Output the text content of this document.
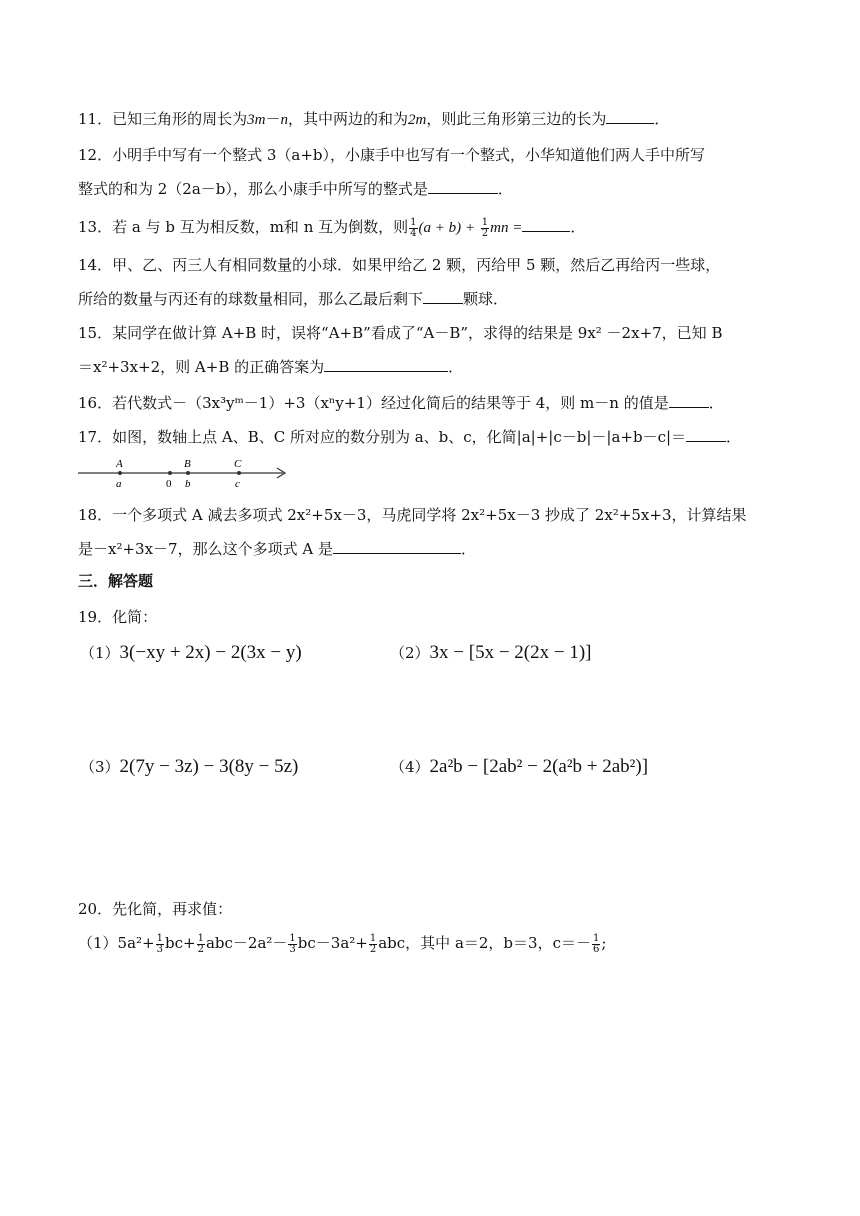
11．已知三角形的周长为3m－n，其中两边的和为2m，则此三角形第三边的长为	．
12．小明手中写有一个整式 3（a+b），小康手中也写有一个整式，小华知道他们两人手中所写
整式的和为 2（2a－b），那么小康手中所写的整式是	．
13．若 a 与 b 互为相反数，m和 n 互为倒数，则 $\frac{1}{4} (a + b) + \frac{1}{2}$ mn =	．
14．甲、乙、丙三人有相同数量的小球．如果甲给乙 2 颗，丙给甲 5 颗，然后乙再给丙一些球，
所给的数量与丙还有的球数量相同，那么乙最后剩下	颗球．
15．某同学在做计算 A+B 时，误将“A+B”看成了“A－B”，求得的结果是 9x² －2x+7，已知 B
＝x²+3x+2，则 A+B 的正确答案为	．
16．若代数式－（3x³yᵐ－1）+3（xⁿy+1）经过化简后的结果等于 4，则 m－n 的值是	．
17．如图，数轴上点 A、B、C 所对应的数分别为 a、b、c，化简|a|+|c－b|－|a+b－c|＝	．
A	B	C
a	0 b	c
18．一个多项式 A 减去多项式 2x²+5x－3，马虎同学将 2x²+5x－3 抄成了 2x²+5x+3，计算结果
是－x²+3x－7，那么这个多项式 A 是	．
三．解答题
19．化简：
（1）3(−xy + 2x) − 2(3x − y)	（2）3x − [5x − 2(2x − 1)]
（3）2(7y − 3z) − 3(8y − 5z)	（4）2a²b − [2ab² − 2(a²b + 2ab²)]
20．先化简，再求值：
$(1)5a^2+ \frac{1}{3} bc+ \frac{1}{2} abc-2a^2- \frac{1}{3} bc-3a^2+ \frac{1}{2}$ abc，其中 a＝2，b＝3，$c=- \frac{1}{6}$ ;
